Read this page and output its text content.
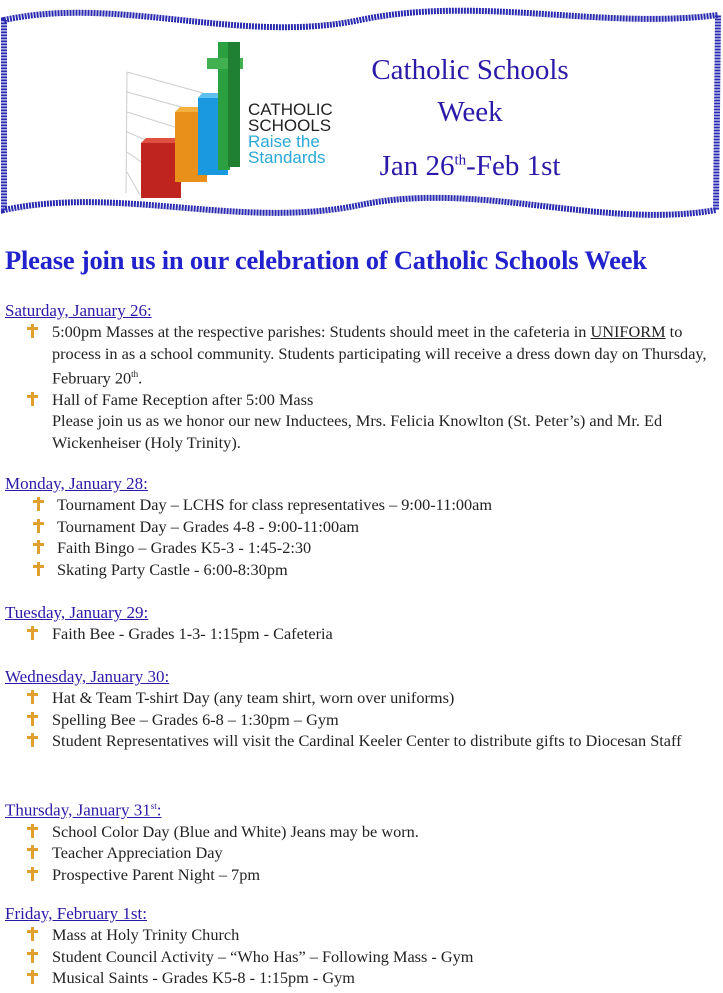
CATHOLIC
SCHOOLS
Raise the
Standards
Catholic Schools
Week
Jan 26th-Feb 1st
Please join us in our celebration of Catholic Schools Week
Saturday, January 26:
5:00pm Masses at the respective parishes: Students should meet in the cafeteria in UNIFORM to process in as a school community. Students participating will receive a dress down day on Thursday, February 20th.
Hall of Fame Reception after 5:00 Mass
Please join us as we honor our new Inductees, Mrs. Felicia Knowlton (St. Peter’s) and Mr. Ed Wickenheiser (Holy Trinity).
Monday, January 28:
Tournament Day – LCHS for class representatives – 9:00-11:00am
Tournament Day – Grades 4-8 - 9:00-11:00am
Faith Bingo – Grades K5-3 - 1:45-2:30
Skating Party Castle - 6:00-8:30pm
Tuesday, January 29:
Faith Bee - Grades 1-3- 1:15pm - Cafeteria
Wednesday, January 30:
Hat & Team T-shirt Day (any team shirt, worn over uniforms)
Spelling Bee – Grades 6-8 – 1:30pm – Gym
Student Representatives will visit the Cardinal Keeler Center to distribute gifts to Diocesan Staff
Thursday, January 31st:
School Color Day (Blue and White) Jeans may be worn.
Teacher Appreciation Day
Prospective Parent Night – 7pm
Friday, February 1st:
Mass at Holy Trinity Church
Student Council Activity – “Who Has” – Following Mass - Gym
Musical Saints - Grades K5-8 - 1:15pm - Gym
